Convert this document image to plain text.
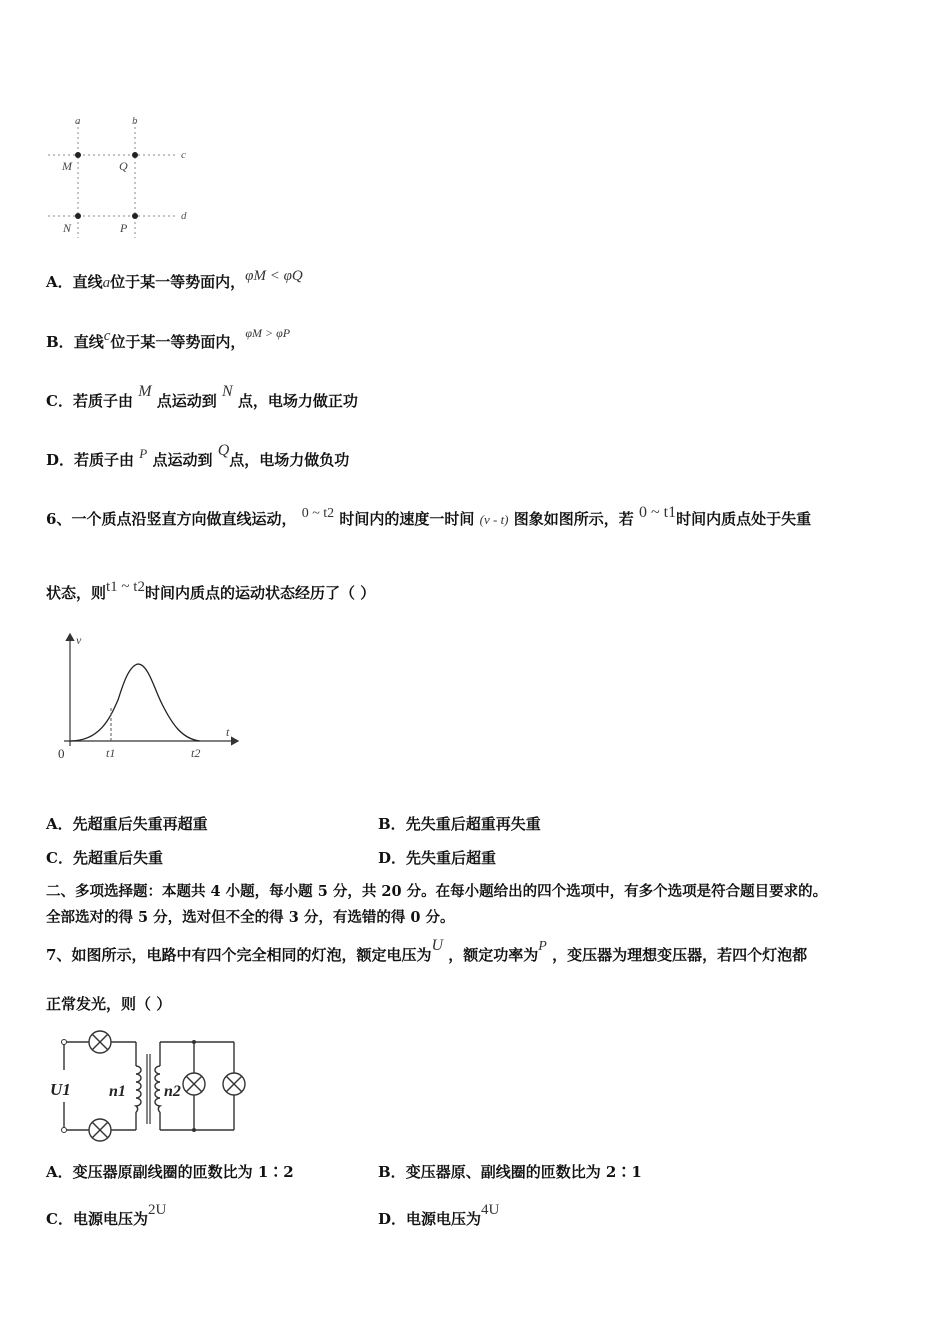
a	b
c
d
M	Q
N	P
A．直线a位于某一等势面内，φM < φQ
B．直线c位于某一等势面内，$^{\varphi M > \varphi P}$
C．若质子由 M 点运动到 N 点，电场力做正功
D．若质子由 P 点运动到 Q点，电场力做负功
6、一个质点沿竖直方向做直线运动， 0 ~ t2 时间内的速度一时间 (v - t) 图象如图所示，若 0 ~ t1时间内质点处于失重
状态，则t1 ~ t2时间内质点的运动状态经历了（ ）
v
t
0	t1	t2
A．先超重后失重再超重	B．先失重后超重再失重
C．先超重后失重	D．先失重后超重
二、多项选择题：本题共 4 小题，每小题 5 分，共 20 分。在每小题给出的四个选项中，有多个选项是符合题目要求的。
全部选对的得 5 分，选对但不全的得 3 分，有选错的得 0 分。
7、如图所示，电路中有四个完全相同的灯泡，额定电压为U ，额定功率为P ，变压器为理想变压器，若四个灯泡都
正常发光，则（ ）
U1 n1 n2
A．变压器原副线圈的匝数比为 1∶2	B．变压器原、副线圈的匝数比为 2∶1
C．电源电压为2U	D．电源电压为4U
